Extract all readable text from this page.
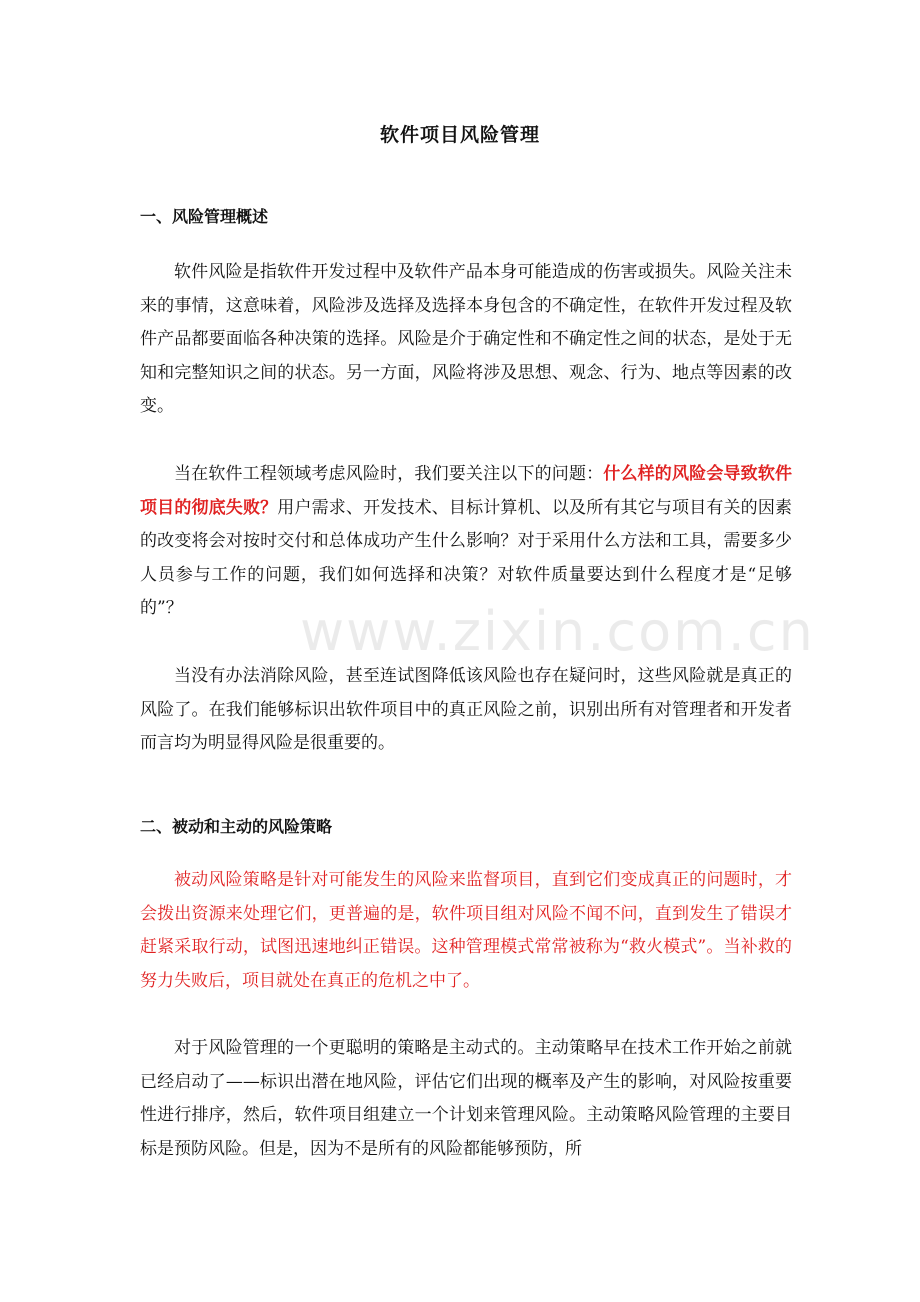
软件项目风险管理
一、风险管理概述

软件风险是指软件开发过程中及软件产品本身可能造成的伤害或损失。风险关注未来的事情，这意味着，风险涉及选择及选择本身包含的不确定性，在软件开发过程及软件产品都要面临各种决策的选择。风险是介于确定性和不确定性之间的状态，是处于无知和完整知识之间的状态。另一方面，风险将涉及思想、观念、行为、地点等因素的改变。

当在软件工程领域考虑风险时，我们要关注以下的问题：什么样的风险会导致软件项目的彻底失败？用户需求、开发技术、目标计算机、以及所有其它与项目有关的因素的改变将会对按时交付和总体成功产生什么影响？对于采用什么方法和工具，需要多少人员参与工作的问题，我们如何选择和决策？对软件质量要达到什么程度才是“足够的”？

当没有办法消除风险，甚至连试图降低该风险也存在疑问时，这些风险就是真正的风险了。在我们能够标识出软件项目中的真正风险之前，识别出所有对管理者和开发者而言均为明显得风险是很重要的。

二、被动和主动的风险策略

被动风险策略是针对可能发生的风险来监督项目，直到它们变成真正的问题时，才会拨出资源来处理它们，更普遍的是，软件项目组对风险不闻不问，直到发生了错误才赶紧采取行动，试图迅速地纠正错误。这种管理模式常常被称为“救火模式”。当补救的努力失败后，项目就处在真正的危机之中了。

对于风险管理的一个更聪明的策略是主动式的。主动策略早在技术工作开始之前就已经启动了——标识出潜在地风险，评估它们出现的概率及产生的影响，对风险按重要性进行排序，然后，软件项目组建立一个计划来管理风险。主动策略风险管理的主要目标是预防风险。但是，因为不是所有的风险都能够预防，所

www.zixin.com.cn
